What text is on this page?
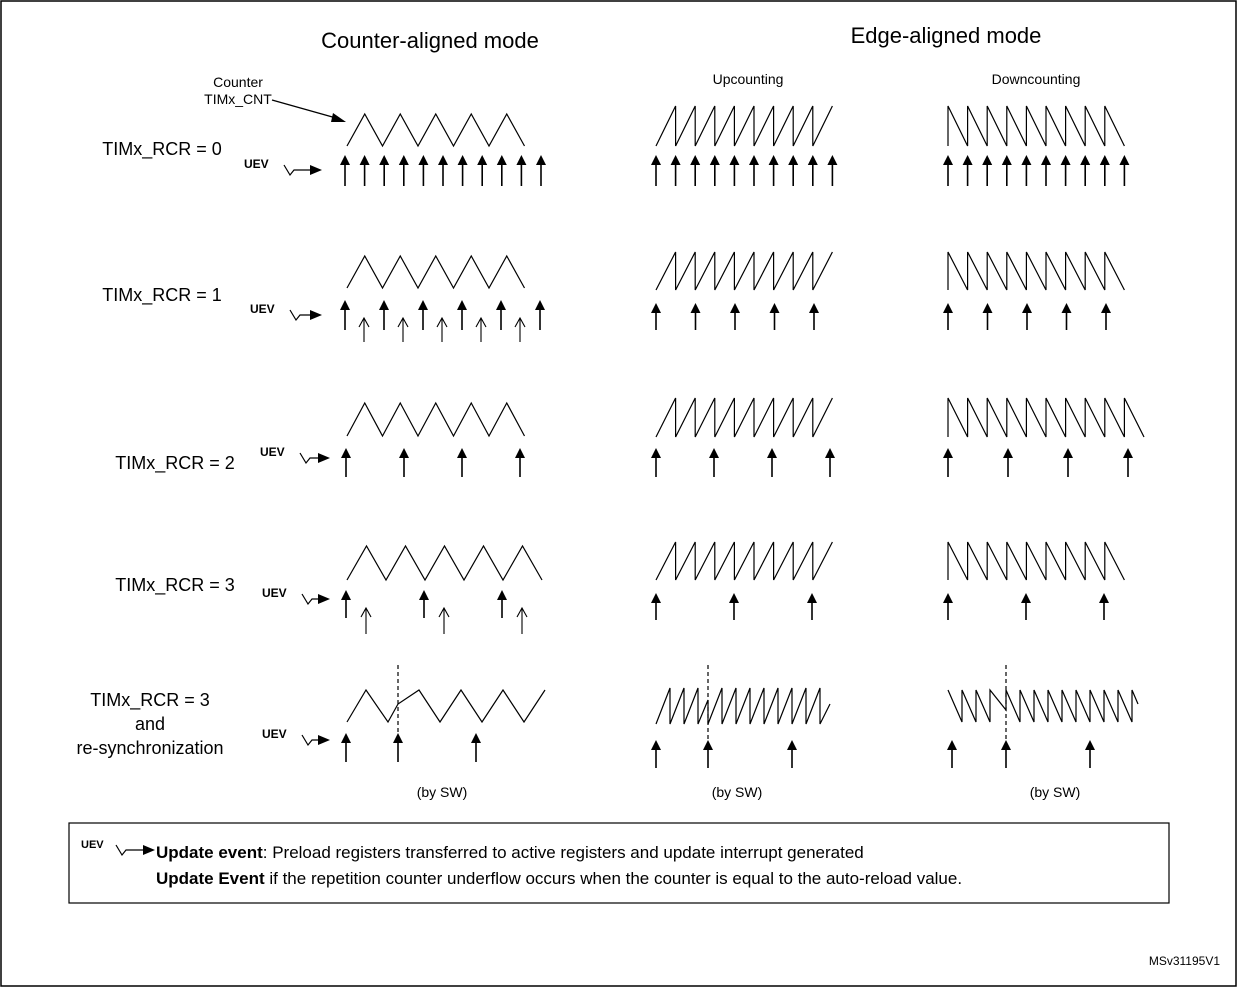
Counter-aligned mode	Edge-aligned mode
Upcounting	Downcounting
Counter
TIMx_CNT
TIMx_RCR = 0
TIMx_RCR = 1
TIMx_RCR = 2
TIMx_RCR = 3
TIMx_RCR = 3
and
re-synchronization
UEV
UEV
UEV
UEV
UEV
(by SW)	(by SW)	(by SW)
UEV	Update event: Preload registers transferred to active registers and update interrupt generated
Update Event if the repetition counter underflow occurs when the counter is equal to the auto-reload value.
MSv31195V1
